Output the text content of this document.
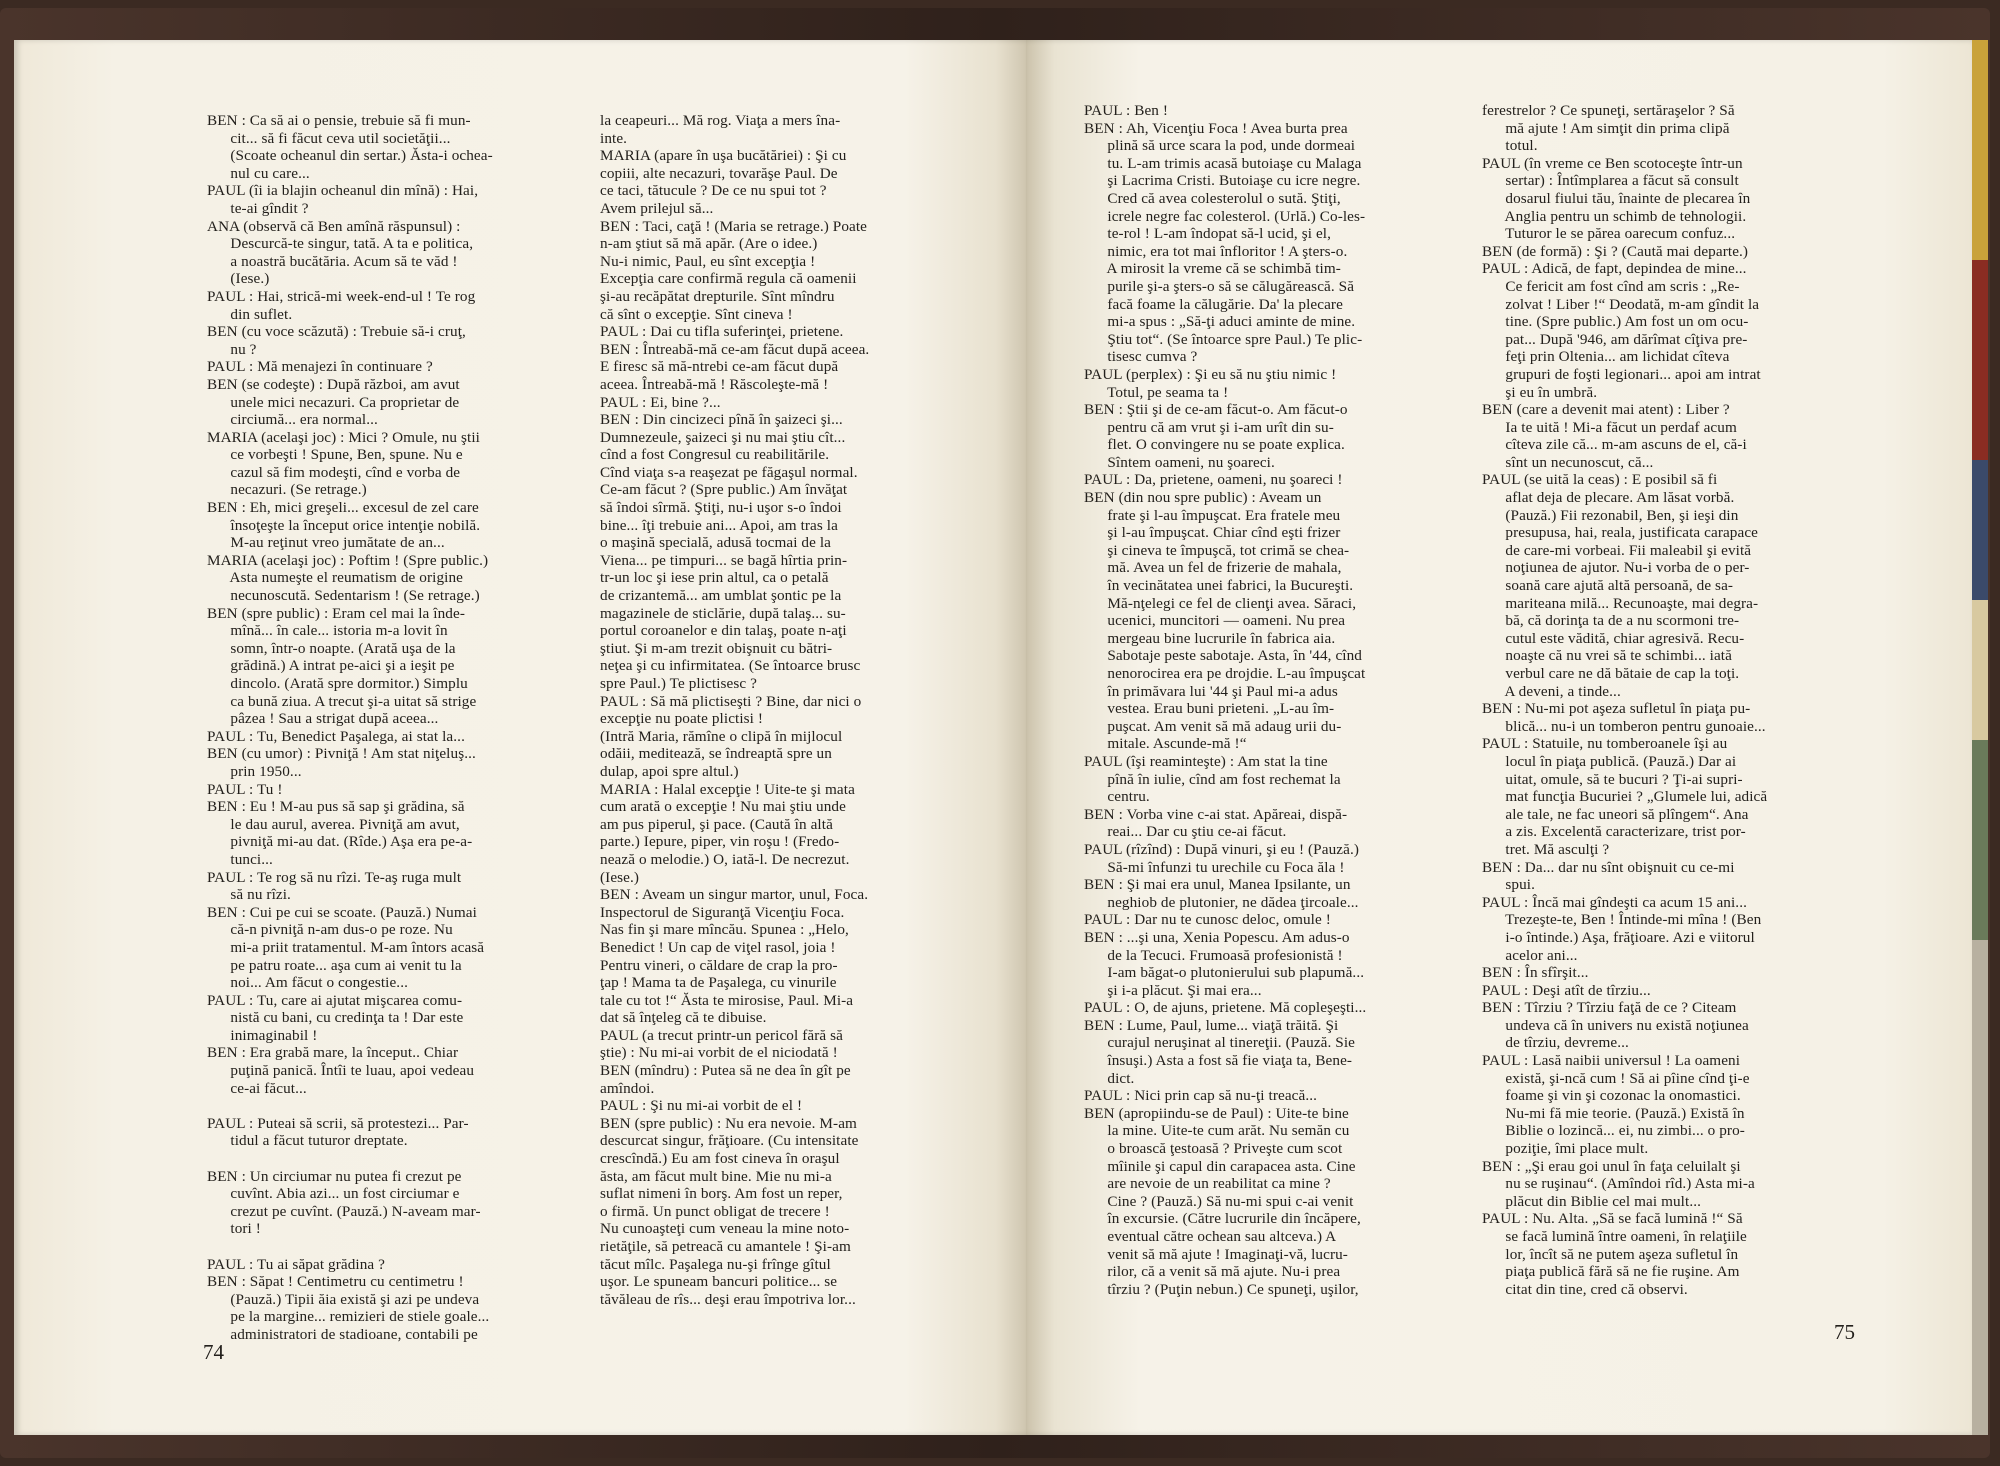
BEN : Ca să ai o pensie, trebuie să fi mun-
cit... să fi făcut ceva util societăţii...
(Scoate ocheanul din sertar.) Ăsta-i ochea-
nul cu care...
PAUL (îi ia blajin ocheanul din mînă) : Hai,
te-ai gîndit ?
ANA (observă că Ben amînă răspunsul) :
Descurcă-te singur, tată. A ta e politica,
a noastră bucătăria. Acum să te văd !
(Iese.)
PAUL : Hai, strică-mi week-end-ul ! Te rog
din suflet.
BEN (cu voce scăzută) : Trebuie să-i cruţ,
nu ?
PAUL : Mă menajezi în continuare ?
BEN (se codeşte) : După război, am avut
unele mici necazuri. Ca proprietar de
circiumă... era normal...
MARIA (acelaşi joc) : Mici ? Omule, nu ştii
ce vorbeşti ! Spune, Ben, spune. Nu e
cazul să fim modeşti, cînd e vorba de
necazuri. (Se retrage.)
BEN : Eh, mici greşeli... excesul de zel care
însoţeşte la început orice intenţie nobilă.
M-au reţinut vreo jumătate de an...
MARIA (acelaşi joc) : Poftim ! (Spre public.)
Asta numeşte el reumatism de origine
necunoscută. Sedentarism ! (Se retrage.)
BEN (spre public) : Eram cel mai la înde-
mînă... în cale... istoria m-a lovit în
somn, într-o noapte. (Arată uşa de la
grădină.) A intrat pe-aici şi a ieşit pe
dincolo. (Arată spre dormitor.) Simplu
ca bună ziua. A trecut şi-a uitat să strige
pâzea ! Sau a strigat după aceea...
PAUL : Tu, Benedict Paşalega, ai stat la...
BEN (cu umor) : Pivniţă ! Am stat niţeluş...
prin 1950...
PAUL : Tu !
BEN : Eu ! M-au pus să sap şi grădina, să
le dau aurul, averea. Pivniţă am avut,
pivniţă mi-au dat. (Rîde.) Aşa era pe-a-
tunci...
PAUL : Te rog să nu rîzi. Te-aş ruga mult
să nu rîzi.
BEN : Cui pe cui se scoate. (Pauză.) Numai
că-n pivniţă n-am dus-o pe roze. Nu
mi-a priit tratamentul. M-am întors acasă
pe patru roate... aşa cum ai venit tu la
noi... Am făcut o congestie...
PAUL : Tu, care ai ajutat mişcarea comu-
nistă cu bani, cu credinţa ta ! Dar este
inimaginabil !
BEN : Era grabă mare, la început.. Chiar
puţină panică. Întîi te luau, apoi vedeau
ce-ai făcut...
PAUL : Puteai să scrii, să protestezi... Par-
tidul a făcut tuturor dreptate.
BEN : Un circiumar nu putea fi crezut pe
cuvînt. Abia azi... un fost circiumar e
crezut pe cuvînt. (Pauză.) N-aveam mar-
tori !
PAUL : Tu ai săpat grădina ?
BEN : Săpat ! Centimetru cu centimetru !
(Pauză.) Tipii ăia există şi azi pe undeva
pe la margine... remizieri de stiele goale...
administratori de stadioane, contabili pe
la ceapeuri... Mă rog. Viaţa a mers îna-
inte.
MARIA (apare în uşa bucătăriei) : Şi cu
copiii, alte necazuri, tovarăşe Paul. De
ce taci, tătucule ? De ce nu spui tot ?
Avem prilejul să...
BEN : Taci, caţă ! (Maria se retrage.) Poate
n-am ştiut să mă apăr. (Are o idee.)
Nu-i nimic, Paul, eu sînt excepţia !
Excepţia care confirmă regula că oamenii
şi-au recăpătat drepturile. Sînt mîndru
că sînt o excepţie. Sînt cineva !
PAUL : Dai cu tifla suferinţei, prietene.
BEN : Întreabă-mă ce-am făcut după aceea.
E firesc să mă-ntrebi ce-am făcut după
aceea. Întreabă-mă ! Răscoleşte-mă !
PAUL : Ei, bine ?...
BEN : Din cincizeci pînă în şaizeci şi...
Dumnezeule, şaizeci şi nu mai ştiu cît...
cînd a fost Congresul cu reabilitările.
Cînd viaţa s-a reaşezat pe făgaşul normal.
Ce-am făcut ? (Spre public.) Am învăţat
să îndoi sîrmă. Ştiţi, nu-i uşor s-o îndoi
bine... îţi trebuie ani... Apoi, am tras la
o maşină specială, adusă tocmai de la
Viena... pe timpuri... se bagă hîrtia prin-
tr-un loc şi iese prin altul, ca o petală
de crizantemă... am umblat şontic pe la
magazinele de sticlărie, după talaş... su-
portul coroanelor e din talaş, poate n-aţi
ştiut. Şi m-am trezit obişnuit cu bătri-
neţea şi cu infirmitatea. (Se întoarce brusc
spre Paul.) Te plictisesc ?
PAUL : Să mă plictiseşti ? Bine, dar nici o
excepţie nu poate plictisi !
(Intră Maria, rămîne o clipă în mijlocul
odăii, meditează, se îndreaptă spre un
dulap, apoi spre altul.)
MARIA : Halal excepţie ! Uite-te şi mata
cum arată o excepţie ! Nu mai ştiu unde
am pus piperul, şi pace. (Caută în altă
parte.) Iepure, piper, vin roşu ! (Fredo-
nează o melodie.) O, iată-l. De necrezut.
(Iese.)
BEN : Aveam un singur martor, unul, Foca.
Inspectorul de Siguranţă Vicenţiu Foca.
Nas fin şi mare mîncău. Spunea : „Helo,
Benedict ! Un cap de viţel rasol, joia !
Pentru vineri, o căldare de crap la pro-
ţap ! Mama ta de Paşalega, cu vinurile
tale cu tot !“ Ăsta te mirosise, Paul. Mi-a
dat să înţeleg că te dibuise.
PAUL (a trecut printr-un pericol fără să
ştie) : Nu mi-ai vorbit de el niciodată !
BEN (mîndru) : Putea să ne dea în gît pe
amîndoi.
PAUL : Şi nu mi-ai vorbit de el !
BEN (spre public) : Nu era nevoie. M-am
descurcat singur, frăţioare. (Cu intensitate
crescîndă.) Eu am fost cineva în oraşul
ăsta, am făcut mult bine. Mie nu mi-a
suflat nimeni în borş. Am fost un reper,
o firmă. Un punct obligat de trecere !
Nu cunoaşteţi cum veneau la mine noto-
rietăţile, să petreacă cu amantele ! Şi-am
tăcut mîlc. Paşalega nu-şi frînge gîtul
uşor. Le spuneam bancuri politice... se
tăvăleau de rîs... deşi erau împotriva lor...
74
PAUL : Ben !
BEN : Ah, Vicenţiu Foca ! Avea burta prea
plină să urce scara la pod, unde dormeai
tu. L-am trimis acasă butoiaşe cu Malaga
şi Lacrima Cristi. Butoiaşe cu icre negre.
Cred că avea colesterolul o sută. Ştiţi,
icrele negre fac colesterol. (Urlă.) Co-les-
te-rol ! L-am îndopat să-l ucid, şi el,
nimic, era tot mai înfloritor ! A şters-o.
A mirosit la vreme că se schimbă tim-
purile şi-a şters-o să se călugărească. Să
facă foame la călugărie. Da' la plecare
mi-a spus : „Să-ţi aduci aminte de mine.
Ştiu tot“. (Se întoarce spre Paul.) Te plic-
tisesc cumva ?
PAUL (perplex) : Şi eu să nu ştiu nimic !
Totul, pe seama ta !
BEN : Ştii şi de ce-am făcut-o. Am făcut-o
pentru că am vrut şi i-am urît din su-
flet. O convingere nu se poate explica.
Sîntem oameni, nu şoareci.
PAUL : Da, prietene, oameni, nu şoareci !
BEN (din nou spre public) : Aveam un
frate şi l-au împuşcat. Era fratele meu
şi l-au împuşcat. Chiar cînd eşti frizer
şi cineva te împuşcă, tot crimă se chea-
mă. Avea un fel de frizerie de mahala,
în vecinătatea unei fabrici, la Bucureşti.
Mă-nţelegi ce fel de clienţi avea. Săraci,
ucenici, muncitori — oameni. Nu prea
mergeau bine lucrurile în fabrica aia.
Sabotaje peste sabotaje. Asta, în '44, cînd
nenorocirea era pe drojdie. L-au împuşcat
în primăvara lui '44 şi Paul mi-a adus
vestea. Erau buni prieteni. „L-au îm-
puşcat. Am venit să mă adaug urii du-
mitale. Ascunde-mă !“
PAUL (îşi reaminteşte) : Am stat la tine
pînă în iulie, cînd am fost rechemat la
centru.
BEN : Vorba vine c-ai stat. Apăreai, dispă-
reai... Dar cu ştiu ce-ai făcut.
PAUL (rîzînd) : După vinuri, şi eu ! (Pauză.)
Să-mi înfunzi tu urechile cu Foca ăla !
BEN : Şi mai era unul, Manea Ipsilante, un
neghiob de plutonier, ne dădea ţircoale...
PAUL : Dar nu te cunosc deloc, omule !
BEN : ...şi una, Xenia Popescu. Am adus-o
de la Tecuci. Frumoasă profesionistă !
I-am băgat-o plutonierului sub plapumă...
şi i-a plăcut. Şi mai era...
PAUL : O, de ajuns, prietene. Mă copleşeşti...
BEN : Lume, Paul, lume... viaţă trăită. Şi
curajul neruşinat al tinereţii. (Pauză. Sie
însuşi.) Asta a fost să fie viaţa ta, Bene-
dict.
PAUL : Nici prin cap să nu-ţi treacă...
BEN (apropiindu-se de Paul) : Uite-te bine
la mine. Uite-te cum arăt. Nu semăn cu
o broască ţestoasă ? Priveşte cum scot
mîinile şi capul din carapacea asta. Cine
are nevoie de un reabilitat ca mine ?
Cine ? (Pauză.) Să nu-mi spui c-ai venit
în excursie. (Către lucrurile din încăpere,
eventual către ochean sau altceva.) A
venit să mă ajute ! Imaginaţi-vă, lucru-
rilor, că a venit să mă ajute. Nu-i prea
tîrziu ? (Puţin nebun.) Ce spuneţi, uşilor,
ferestrelor ? Ce spuneţi, sertăraşelor ? Să
mă ajute ! Am simţit din prima clipă
totul.
PAUL (în vreme ce Ben scotoceşte într-un
sertar) : Întîmplarea a făcut să consult
dosarul fiului tău, înainte de plecarea în
Anglia pentru un schimb de tehnologii.
Tuturor le se părea oarecum confuz...
BEN (de formă) : Şi ? (Caută mai departe.)
PAUL : Adică, de fapt, depindea de mine...
Ce fericit am fost cînd am scris : „Re-
zolvat ! Liber !“ Deodată, m-am gîndit la
tine. (Spre public.) Am fost un om ocu-
pat... După '946, am dărîmat cîţiva pre-
feţi prin Oltenia... am lichidat cîteva
grupuri de foşti legionari... apoi am intrat
şi eu în umbră.
BEN (care a devenit mai atent) : Liber ?
Ia te uită ! Mi-a făcut un perdaf acum
cîteva zile că... m-am ascuns de el, că-i
sînt un necunoscut, că...
PAUL (se uită la ceas) : E posibil să fi
aflat deja de plecare. Am lăsat vorbă.
(Pauză.) Fii rezonabil, Ben, şi ieşi din
presupusa, hai, reala, justificata carapace
de care-mi vorbeai. Fii maleabil şi evită
noţiunea de ajutor. Nu-i vorba de o per-
soană care ajută altă persoană, de sa-
mariteana milă... Recunoaşte, mai degra-
bă, că dorinţa ta de a nu scormoni tre-
cutul este vădită, chiar agresivă. Recu-
noaşte că nu vrei să te schimbi... iată
verbul care ne dă bătaie de cap la toţi.
A deveni, a tinde...
BEN : Nu-mi pot aşeza sufletul în piaţa pu-
blică... nu-i un tomberon pentru gunoaie...
PAUL : Statuile, nu tomberoanele îşi au
locul în piaţa publică. (Pauză.) Dar ai
uitat, omule, să te bucuri ? Ţi-ai supri-
mat funcţia Bucuriei ? „Glumele lui, adică
ale tale, ne fac uneori să plîngem“. Ana
a zis. Excelentă caracterizare, trist por-
tret. Mă asculţi ?
BEN : Da... dar nu sînt obişnuit cu ce-mi
spui.
PAUL : Încă mai gîndeşti ca acum 15 ani...
Trezeşte-te, Ben ! Întinde-mi mîna ! (Ben
i-o întinde.) Aşa, frăţioare. Azi e viitorul
acelor ani...
BEN : În sfîrşit...
PAUL : Deşi atît de tîrziu...
BEN : Tîrziu ? Tîrziu faţă de ce ? Citeam
undeva că în univers nu există noţiunea
de tîrziu, devreme...
PAUL : Lasă naibii universul ! La oameni
există, şi-ncă cum ! Să ai pîine cînd ţi-e
foame şi vin şi cozonac la onomastici.
Nu-mi fă mie teorie. (Pauză.) Există în
Biblie o lozincă... ei, nu zimbi... o pro-
poziţie, îmi place mult.
BEN : „Şi erau goi unul în faţa celuilalt şi
nu se ruşinau“. (Amîndoi rîd.) Asta mi-a
plăcut din Biblie cel mai mult...
PAUL : Nu. Alta. „Să se facă lumină !“ Să
se facă lumină între oameni, în relaţiile
lor, încît să ne putem aşeza sufletul în
piaţa publică fără să ne fie ruşine. Am
citat din tine, cred că observi.
75
